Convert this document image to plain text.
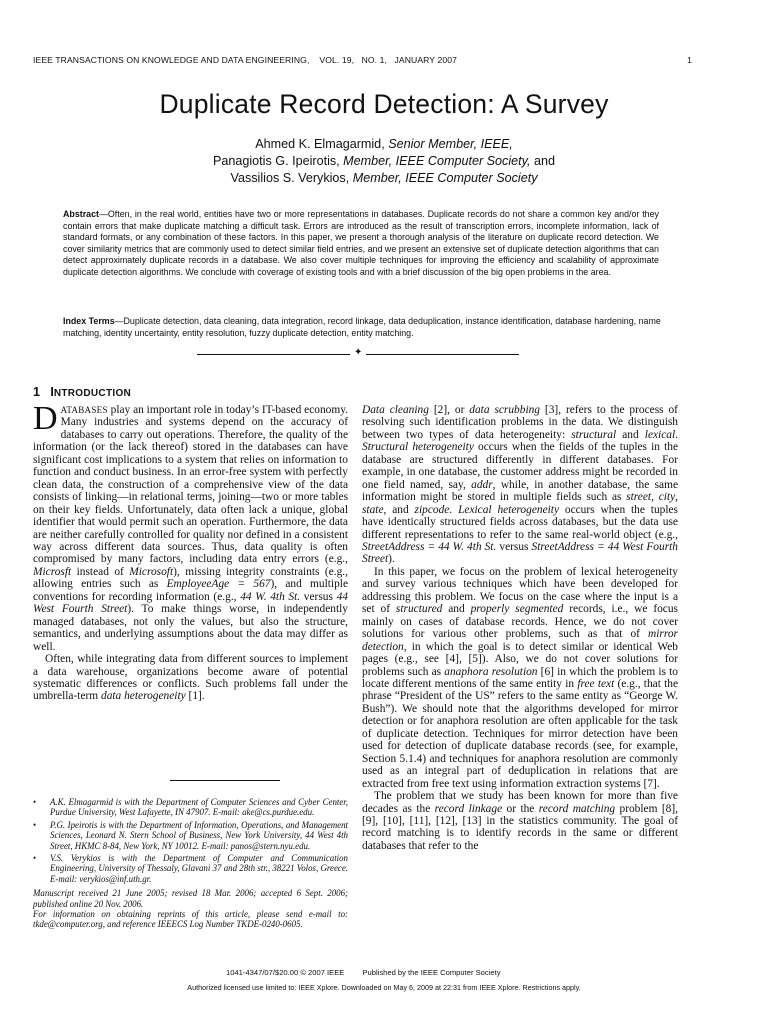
IEEE TRANSACTIONS ON KNOWLEDGE AND DATA ENGINEERING, VOL. 19, NO. 1, JANUARY 2007	1
Duplicate Record Detection: A Survey
Ahmed K. Elmagarmid, Senior Member, IEEE,
Panagiotis G. Ipeirotis, Member, IEEE Computer Society, and
Vassilios S. Verykios, Member, IEEE Computer Society
Abstract—Often, in the real world, entities have two or more representations in databases. Duplicate records do not share a common key and/or they contain errors that make duplicate matching a difficult task. Errors are introduced as the result of transcription errors, incomplete information, lack of standard formats, or any combination of these factors. In this paper, we present a thorough analysis of the literature on duplicate record detection. We cover similarity metrics that are commonly used to detect similar field entries, and we present an extensive set of duplicate detection algorithms that can detect approximately duplicate records in a database. We also cover multiple techniques for improving the efficiency and scalability of approximate duplicate detection algorithms. We conclude with coverage of existing tools and with a brief discussion of the big open problems in the area.
Index Terms—Duplicate detection, data cleaning, data integration, record linkage, data deduplication, instance identification, database hardening, name matching, identity uncertainty, entity resolution, fuzzy duplicate detection, entity matching.
✦
1 INTRODUCTION

DATABASES play an important role in today’s IT-based economy. Many industries and systems depend on the accuracy of databases to carry out operations. Therefore, the quality of the information (or the lack thereof) stored in the databases can have significant cost implications to a system that relies on information to function and conduct business. In an error-free system with perfectly clean data, the construction of a comprehensive view of the data consists of linking—in relational terms, joining—two or more tables on their key fields. Unfortunately, data often lack a unique, global identifier that would permit such an operation. Furthermore, the data are neither carefully controlled for quality nor defined in a consistent way across different data sources. Thus, data quality is often compromised by many factors, including data entry errors (e.g., Microsft instead of Microsoft), missing integrity constraints (e.g., allowing entries such as EmployeeAge = 567), and multiple conventions for recording information (e.g., 44 W. 4th St. versus 44 West Fourth Street). To make things worse, in independently managed databases, not only the values, but also the structure, semantics, and underlying assumptions about the data may differ as well.

Often, while integrating data from different sources to implement a data warehouse, organizations become aware of potential systematic differences or conflicts. Such problems fall under the umbrella-term data heterogeneity [1].

• A.K. Elmagarmid is with the Department of Computer Sciences and Cyber Center, Purdue University, West Lafayette, IN 47907. E-mail: ake@cs.purdue.edu.
• P.G. Ipeirotis is with the Department of Information, Operations, and Management Sciences, Leonard N. Stern School of Business, New York University, 44 West 4th Street, HKMC 8-84, New York, NY 10012. E-mail: panos@stern.nyu.edu.
• V.S. Verykios is with the Department of Computer and Communication Engineering, University of Thessaly, Glavani 37 and 28th str., 38221 Volos, Greece. E-mail: verykios@inf.uth.gr.
Manuscript received 21 June 2005; revised 18 Mar. 2006; accepted 6 Sept. 2006; published online 20 Nov. 2006.
For information on obtaining reprints of this article, please send e-mail to: tkde@computer.org, and reference IEEECS Log Number TKDE-0240-0605.

Data cleaning [2], or data scrubbing [3], refers to the process of resolving such identification problems in the data. We distinguish between two types of data heterogeneity: structural and lexical. Structural heterogeneity occurs when the fields of the tuples in the database are structured differently in different databases. For example, in one database, the customer address might be recorded in one field named, say, addr, while, in another database, the same information might be stored in multiple fields such as street, city, state, and zipcode. Lexical heterogeneity occurs when the tuples have identically structured fields across databases, but the data use different representations to refer to the same real-world object (e.g., StreetAddress = 44 W. 4th St. versus StreetAddress = 44 West Fourth Street).

In this paper, we focus on the problem of lexical heterogeneity and survey various techniques which have been developed for addressing this problem. We focus on the case where the input is a set of structured and properly segmented records, i.e., we focus mainly on cases of database records. Hence, we do not cover solutions for various other problems, such as that of mirror detection, in which the goal is to detect similar or identical Web pages (e.g., see [4], [5]). Also, we do not cover solutions for problems such as anaphora resolution [6] in which the problem is to locate different mentions of the same entity in free text (e.g., that the phrase “President of the US” refers to the same entity as “George W. Bush”). We should note that the algorithms developed for mirror detection or for anaphora resolution are often applicable for the task of duplicate detection. Techniques for mirror detection have been used for detection of duplicate database records (see, for example, Section 5.1.4) and techniques for anaphora resolution are commonly used as an integral part of deduplication in relations that are extracted from free text using information extraction systems [7].

The problem that we study has been known for more than five decades as the record linkage or the record matching problem [8], [9], [10], [11], [12], [13] in the statistics community. The goal of record matching is to identify records in the same or different databases that refer to the

1041-4347/07/$20.00 © 2007 IEEE Published by the IEEE Computer Society
Authorized licensed use limited to: IEEE Xplore. Downloaded on May 6, 2009 at 22:31 from IEEE Xplore. Restrictions apply.
